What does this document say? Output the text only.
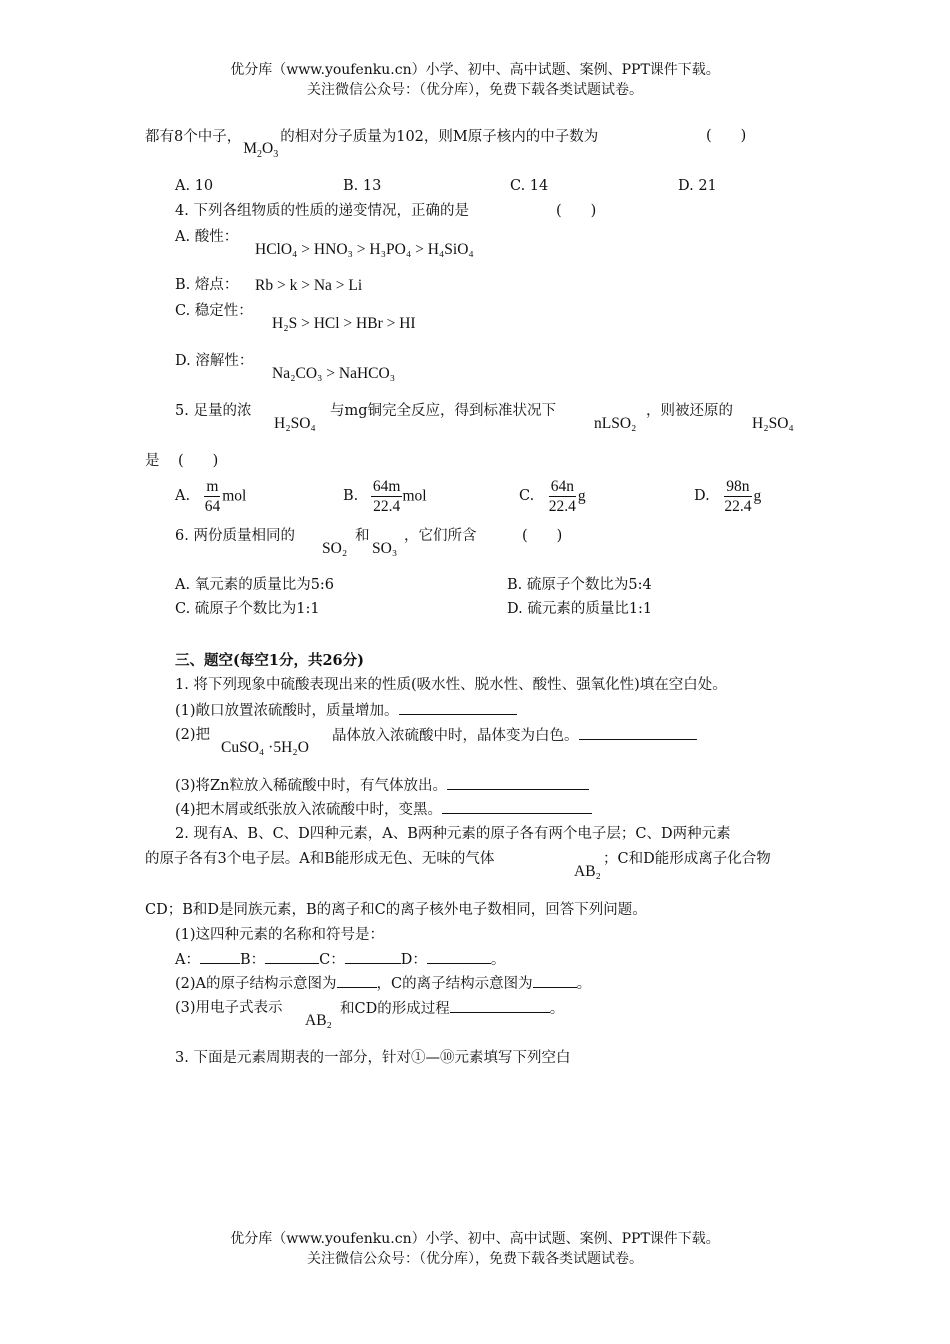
优分库（www.youfenku.cn）小学、初中、高中试题、案例、PPT课件下载。
关注微信公众号：（优分库），免费下载各类试题试卷。
都有8个中子，$M_2O_3$的相对分子质量为102，则M原子核内的中子数为	(　　)
A. 10	B. 13	C. 14	D. 21
4. 下列各组物质的性质的递变情况，正确的是	(　　)
A. 酸性：
HClO₄ > HNO₃ > H₃PO₄ > H₄SiO₄
B. 熔点： Rb > k > Na > Li
C. 稳定性：
H₂S > HCl > HBr > HI
D. 溶解性：
Na₂CO₃ > NaHCO₃
5. 足量的浓
H₂SO₄
与mg铜完全反应，得到标准状况下
nLSO₂
，则被还原的
H₂SO₄
是 (　　)
A. $\frac{m}{64}$ mol	B. $\frac{64m}{22.4}$ mol	C. $\frac{64n}{22.4}$ g	D. $\frac{98n}{22.4}$ g
6. 两份质量相同的
SO₂
和
SO₃
，它们所含	(　　)
A. 氧元素的质量比为5:6	B. 硫原子个数比为5:4
C. 硫原子个数比为1:1	D. 硫元素的质量比1:1
三、题空(每空1分，共26分)
1. 将下列现象中硫酸表现出来的性质(吸水性、脱水性、酸性、强氧化性)填在空白处。
(1)敞口放置浓硫酸时，质量增加。
(2)把
CuSO₄ ·5H₂O
晶体放入浓硫酸中时，晶体变为白色。
(3)将Zn粒放入稀硫酸中时，有气体放出。
(4)把木屑或纸张放入浓硫酸中时，变黑。
2. 现有A、B、C、D四种元素，A、B两种元素的原子各有两个电子层；C、D两种元素
的原子各有3个电子层。A和B能形成无色、无味的气体
AB₂
；C和D能形成离子化合物
CD；B和D是同族元素，B的离子和C的离子核外电子数相同，回答下列问题。
(1)这四种元素的名称和符号是：
A：	B：	C：	D：	。
(2)A的原子结构示意图为	，C的离子结构示意图为	。
(3)用电子式表示
AB₂
和CD的形成过程	。
3. 下面是元素周期表的一部分，针对①—⑩元素填写下列空白
优分库（www.youfenku.cn）小学、初中、高中试题、案例、PPT课件下载。
关注微信公众号：（优分库），免费下载各类试题试卷。
